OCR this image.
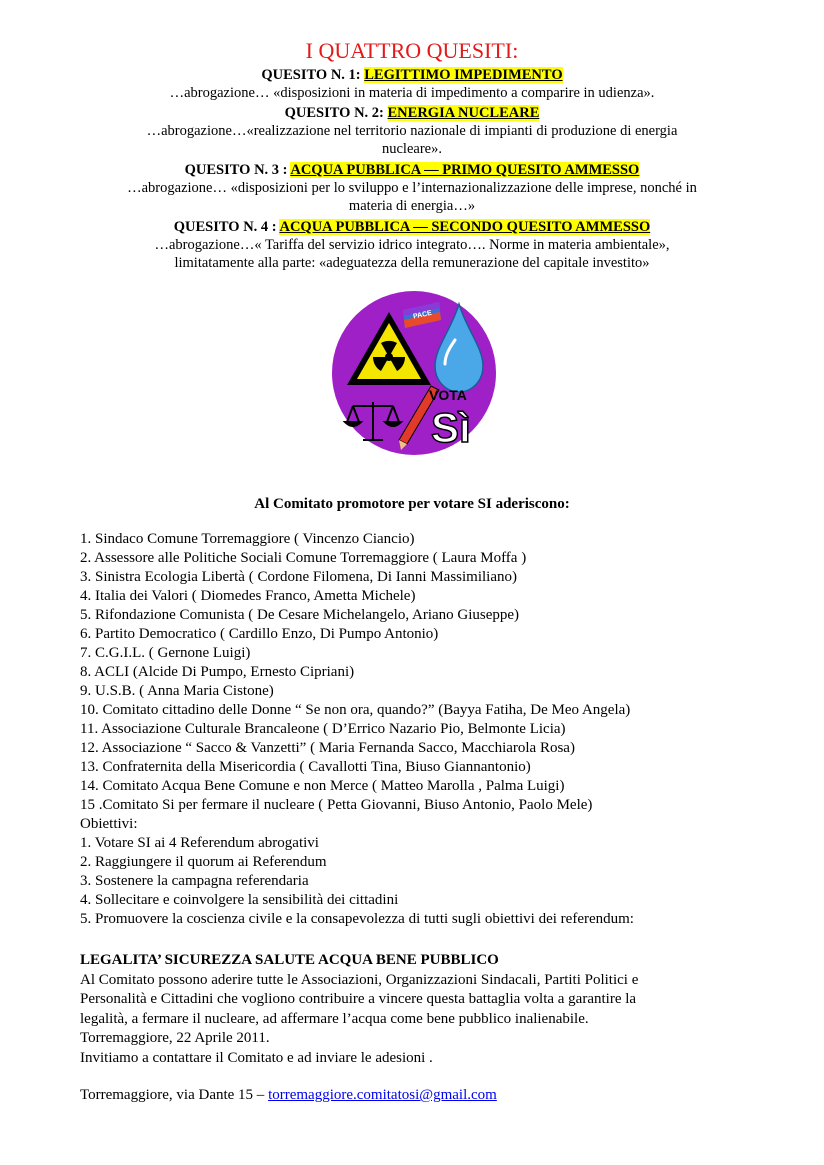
I QUATTRO QUESITI:
QUESITO N. 1: LEGITTIMO IMPEDIMENTO
…abrogazione… «disposizioni in materia di impedimento a comparire in udienza».
QUESITO N. 2: ENERGIA NUCLEARE
…abrogazione…«realizzazione nel territorio nazionale di impianti di produzione di energia
nucleare».
QUESITO N. 3 : ACQUA PUBBLICA — PRIMO QUESITO AMMESSO
…abrogazione… «disposizioni per lo sviluppo e l’internazionalizzazione delle imprese, nonché in
materia di energia…»
QUESITO N. 4 : ACQUA PUBBLICA — SECONDO QUESITO AMMESSO
…abrogazione…« Tariffa del servizio idrico integrato…. Norme in materia ambientale»,
limitatamente alla parte: «adeguatezza della remunerazione del capitale investito»
PACE
VOTA
Sì
Al Comitato promotore per votare SI aderiscono:
1. Sindaco Comune Torremaggiore ( Vincenzo Ciancio)
2. Assessore alle Politiche Sociali Comune Torremaggiore ( Laura Moffa )
3. Sinistra Ecologia Libertà ( Cordone Filomena, Di Ianni Massimiliano)
4. Italia dei Valori ( Diomedes Franco, Ametta Michele)
5. Rifondazione Comunista ( De Cesare Michelangelo, Ariano Giuseppe)
6. Partito Democratico ( Cardillo Enzo, Di Pumpo Antonio)
7. C.G.I.L. ( Gernone Luigi)
8. ACLI (Alcide Di Pumpo, Ernesto Cipriani)
9. U.S.B. ( Anna Maria Cistone)
10. Comitato cittadino delle Donne “ Se non ora, quando?” (Bayya Fatiha, De Meo Angela)
11. Associazione Culturale Brancaleone ( D’Errico Nazario Pio, Belmonte Licia)
12. Associazione “ Sacco & Vanzetti” ( Maria Fernanda Sacco, Macchiarola Rosa)
13. Confraternita della Misericordia ( Cavallotti Tina, Biuso Giannantonio)
14. Comitato Acqua Bene Comune e non Merce ( Matteo Marolla , Palma Luigi)
15 .Comitato Si per fermare il nucleare ( Petta Giovanni, Biuso Antonio, Paolo Mele)
Obiettivi:
1. Votare SI ai 4 Referendum abrogativi
2. Raggiungere il quorum ai Referendum
3. Sostenere la campagna referendaria
4. Sollecitare e coinvolgere la sensibilità dei cittadini
5. Promuovere la coscienza civile e la consapevolezza di tutti sugli obiettivi dei referendum:
LEGALITA’ SICUREZZA SALUTE ACQUA BENE PUBBLICO
Al Comitato possono aderire tutte le Associazioni, Organizzazioni Sindacali, Partiti Politici e
Personalità e Cittadini che vogliono contribuire a vincere questa battaglia volta a garantire la
legalità, a fermare il nucleare, ad affermare l’acqua come bene pubblico inalienabile.
Torremaggiore, 22 Aprile 2011.
Invitiamo a contattare il Comitato e ad inviare le adesioni .
Torremaggiore, via Dante 15 – torremaggiore.comitatosi@gmail.com
